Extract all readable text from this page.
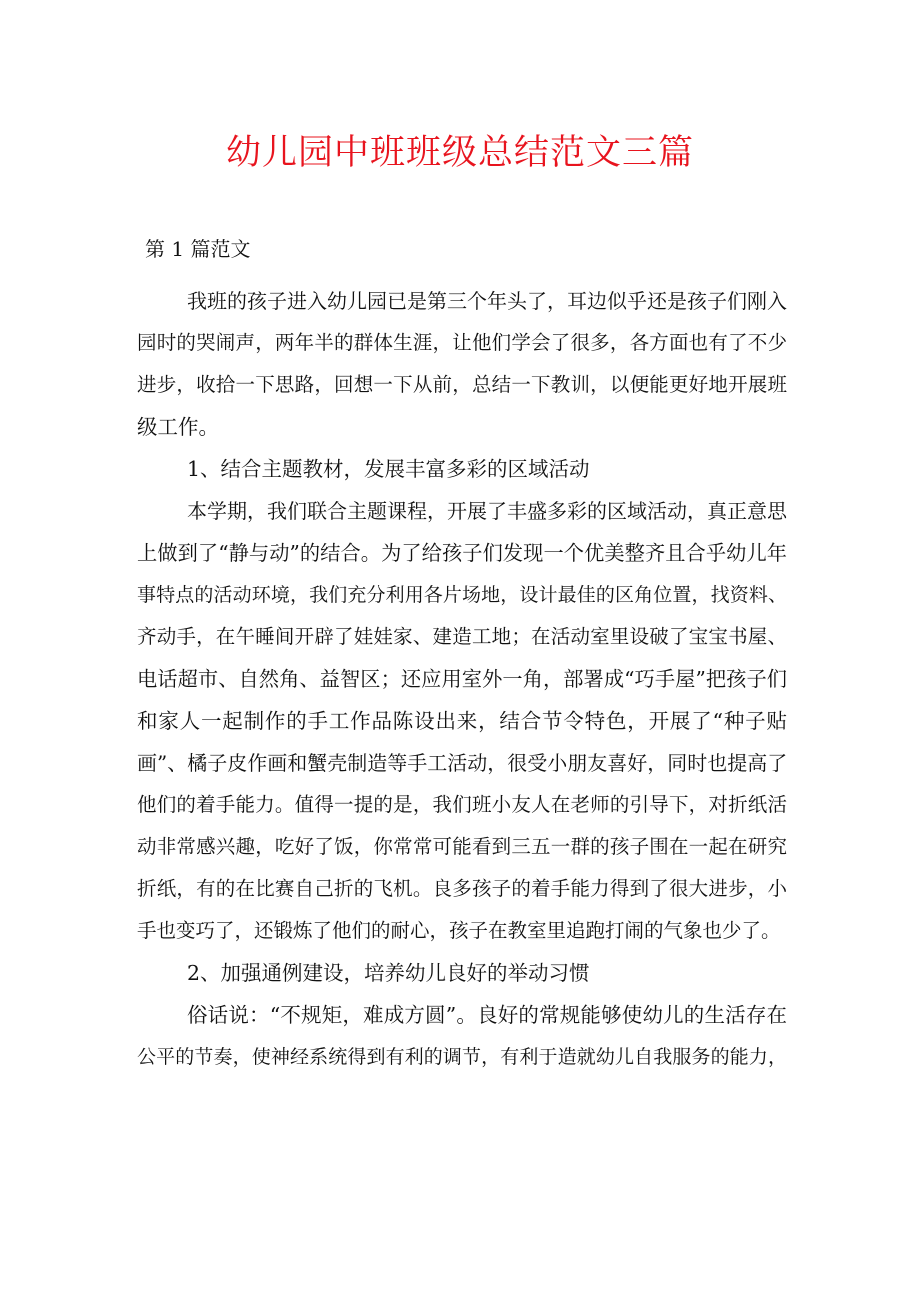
幼儿园中班班级总结范文三篇
第 1 篇范文
我班的孩子进入幼儿园已是第三个年头了，耳边似乎还是孩子们刚入
园时的哭闹声，两年半的群体生涯，让他们学会了很多，各方面也有了不少
进步，收拾一下思路，回想一下从前，总结一下教训，以便能更好地开展班
级工作。
1、结合主题教材，发展丰富多彩的区域活动
本学期，我们联合主题课程，开展了丰盛多彩的区域活动，真正意思
上做到了“静与动”的结合。为了给孩子们发现一个优美整齐且合乎幼儿年
事特点的活动环境，我们充分利用各片场地，设计最佳的区角位置，找资料、
齐动手，在午睡间开辟了娃娃家、建造工地；在活动室里设破了宝宝书屋、
电话超市、自然角、益智区；还应用室外一角，部署成“巧手屋”把孩子们
和家人一起制作的手工作品陈设出来，结合节令特色，开展了“种子贴
画”、橘子皮作画和蟹壳制造等手工活动，很受小朋友喜好，同时也提高了
他们的着手能力。值得一提的是，我们班小友人在老师的引导下，对折纸活
动非常感兴趣，吃好了饭，你常常可能看到三五一群的孩子围在一起在研究
折纸，有的在比赛自己折的飞机。良多孩子的着手能力得到了很大进步，小
手也变巧了，还锻炼了他们的耐心，孩子在教室里追跑打闹的气象也少了。
2、加强通例建设，培养幼儿良好的举动习惯
俗话说：“不规矩，难成方圆”。良好的常规能够使幼儿的生活存在
公平的节奏，使神经系统得到有利的调节，有利于造就幼儿自我服务的能力，
